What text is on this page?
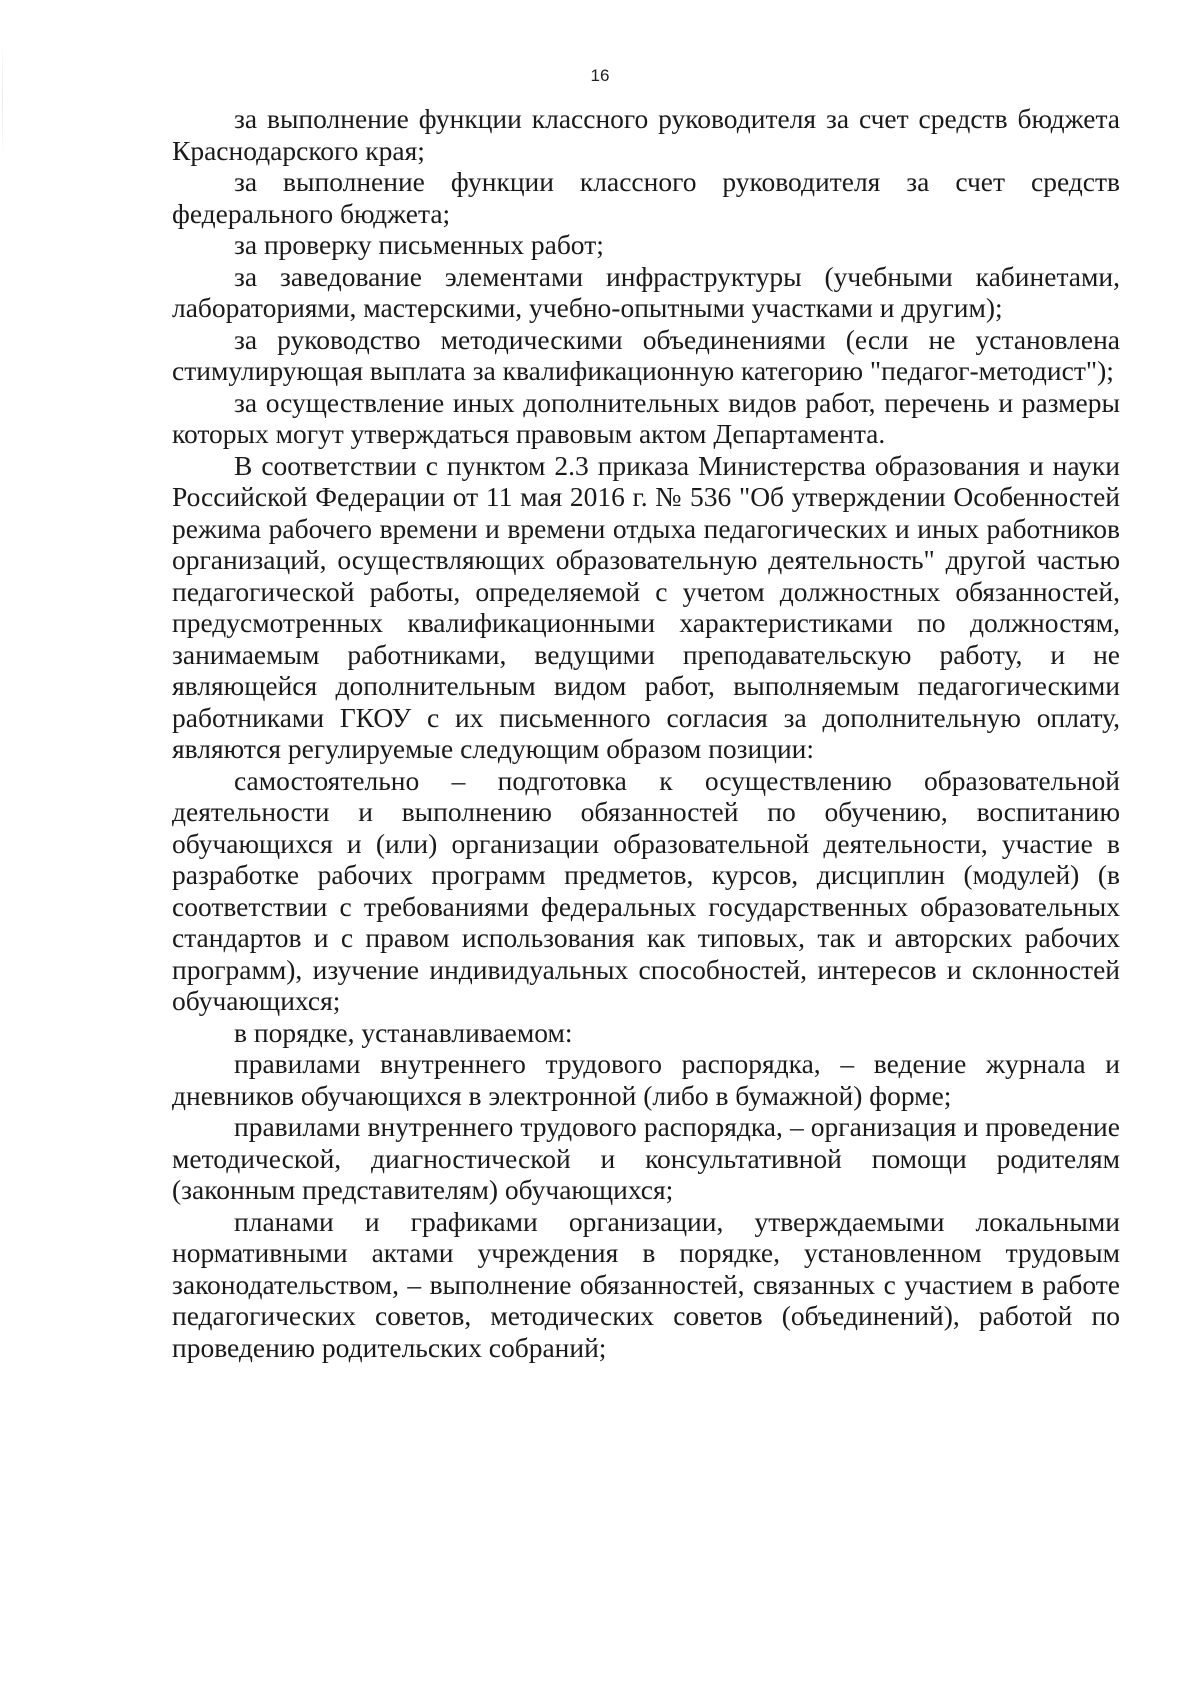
16

за выполнение функции классного руководителя за счет средств бюджета Краснодарского края;

за выполнение функции классного руководителя за счет средств федерального бюджета;

за проверку письменных работ;

за заведование элементами инфраструктуры (учебными кабинетами, лабораториями, мастерскими, учебно-опытными участками и другим);

за руководство методическими объединениями (если не установлена стимулирующая выплата за квалификационную категорию "педагог-методист");

за осуществление иных дополнительных видов работ, перечень и размеры которых могут утверждаться правовым актом Департамента.

В соответствии с пунктом 2.3 приказа Министерства образования и науки Российской Федерации от 11 мая 2016 г. № 536 "Об утверждении Особенностей режима рабочего времени и времени отдыха педагогических и иных работников организаций, осуществляющих образовательную деятельность" другой частью педагогической работы, определяемой с учетом должностных обязанностей, предусмотренных квалификационными характеристиками по должностям, занимаемым работниками, ведущими преподавательскую работу, и не являющейся дополнительным видом работ, выполняемым педагогическими работниками ГКОУ с их письменного согласия за дополнительную оплату, являются регулируемые следующим образом позиции:

самостоятельно – подготовка к осуществлению образовательной деятельности и выполнению обязанностей по обучению, воспитанию обучающихся и (или) организации образовательной деятельности, участие в разработке рабочих программ предметов, курсов, дисциплин (модулей) (в соответствии с требованиями федеральных государственных образовательных стандартов и с правом использования как типовых, так и авторских рабочих программ), изучение индивидуальных способностей, интересов и склонностей обучающихся;

в порядке, устанавливаемом:

правилами внутреннего трудового распорядка, – ведение журнала и дневников обучающихся в электронной (либо в бумажной) форме;

правилами внутреннего трудового распорядка, – организация и проведение методической, диагностической и консультативной помощи родителям (законным представителям) обучающихся;

планами и графиками организации, утверждаемыми локальными нормативными актами учреждения в порядке, установленном трудовым законодательством, – выполнение обязанностей, связанных с участием в работе педагогических советов, методических советов (объединений), работой по проведению родительских собраний;
